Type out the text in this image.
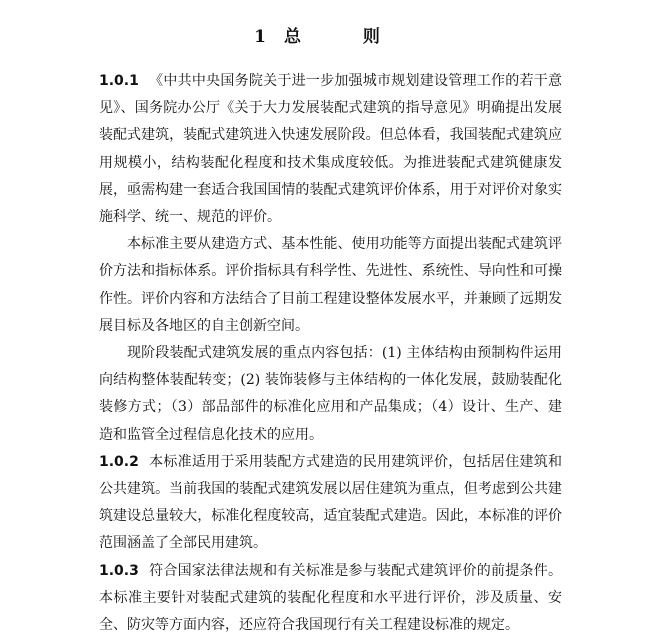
1 总 则

1.0.1 《中共中央国务院关于进一步加强城市规划建设管理工作的若干意见》、国务院办公厅《关于大力发展装配式建筑的指导意见》明确提出发展装配式建筑，装配式建筑进入快速发展阶段。但总体看，我国装配式建筑应用规模小，结构装配化程度和技术集成度较低。为推进装配式建筑健康发展，亟需构建一套适合我国国情的装配式建筑评价体系，用于对评价对象实施科学、统一、规范的评价。

本标准主要从建造方式、基本性能、使用功能等方面提出装配式建筑评价方法和指标体系。评价指标具有科学性、先进性、系统性、导向性和可操作性。评价内容和方法结合了目前工程建设整体发展水平，并兼顾了远期发展目标及各地区的自主创新空间。

现阶段装配式建筑发展的重点内容包括：(1) 主体结构由预制构件运用向结构整体装配转变；(2) 装饰装修与主体结构的一体化发展，鼓励装配化装修方式；（3）部品部件的标准化应用和产品集成；（4）设计、生产、建造和监管全过程信息化技术的应用。

1.0.2 本标准适用于采用装配方式建造的民用建筑评价，包括居住建筑和公共建筑。当前我国的装配式建筑发展以居住建筑为重点，但考虑到公共建筑建设总量较大，标准化程度较高，适宜装配式建造。因此，本标准的评价范围涵盖了全部民用建筑。

1.0.3 符合国家法律法规和有关标准是参与装配式建筑评价的前提条件。本标准主要针对装配式建筑的装配化程度和水平进行评价，涉及质量、安全、防灾等方面内容，还应符合我国现行有关工程建设标准的规定。
